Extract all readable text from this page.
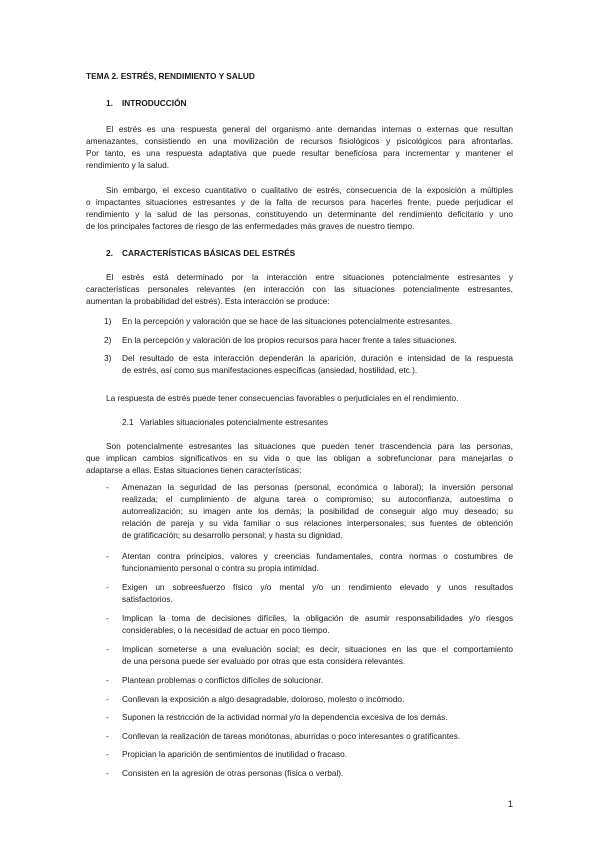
TEMA 2. ESTRÉS, RENDIMIENTO Y SALUD

1. INTRODUCCIÓN

El estrés es una respuesta general del organismo ante demandas internas o externas que resultan

amenazantes, consistiendo en una movilización de recursos fisiológicos y psicológicos para afrontarlas.

Por tanto, es una respuesta adaptativa que puede resultar beneficiosa para incrementar y mantener el

rendimiento y la salud.

Sin embargo, el exceso cuantitativo o cualitativo de estrés, consecuencia de la exposición a múltiples

o impactantes situaciones estresantes y de la falta de recursos para hacerles frente, puede perjudicar el

rendimiento y la salud de las personas, constituyendo un determinante del rendimiento deficitario y uno

de los principales factores de riesgo de las enfermedades más graves de nuestro tiempo.

2. CARACTERÍSTICAS BÁSICAS DEL ESTRÉS

El estrés está determinado por la interacción entre situaciones potencialmente estresantes y

características personales relevantes (en interacción con las situaciones potencialmente estresantes,

aumentan la probabilidad del estrés). Esta interacción se produce:

1) En la percepción y valoración que se hace de las situaciones potencialmente estresantes.

2) En la percepción y valoración de los propios recursos para hacer frente a tales situaciones.

3) Del resultado de esta interacción dependerán la aparición, duración e intensidad de la respuesta

de estrés, así como sus manifestaciones específicas (ansiedad, hostilidad, etc.).

La respuesta de estrés puede tener consecuencias favorables o perjudiciales en el rendimiento.

2.1 Variables situacionales potencialmente estresantes

Son potencialmente estresantes las situaciones que pueden tener trascendencia para las personas,

que implican cambios significativos en su vida o que las obligan a sobrefuncionar para manejarlas o

adaptarse a ellas. Estas situaciones tienen características:

- Amenazan la seguridad de las personas (personal, económica o laboral); la inversión personal

realizada; el cumplimiento de alguna tarea o compromiso; su autoconfianza, autoestima o

autorrealización; su imagen ante los demás; la posibilidad de conseguir algo muy deseado; su

relación de pareja y su vida familiar o sus relaciones interpersonales; sus fuentes de obtención

de gratificación; su desarrollo personal; y hasta su dignidad.

- Atentan contra principios, valores y creencias fundamentales, contra normas o costumbres de

funcionamiento personal o contra su propia intimidad.

- Exigen un sobreesfuerzo físico y/o mental y/o un rendimiento elevado y unos resultados

satisfactorios.

- Implican la toma de decisiones difíciles, la obligación de asumir responsabilidades y/o riesgos

considerables, o la necesidad de actuar en poco tiempo.

- Implican someterse a una evaluación social; es decir, situaciones en las que el comportamiento

de una persona puede ser evaluado por otras que esta considera relevantes.

- Plantean problemas o conflictos difíciles de solucionar.

- Conllevan la exposición a algo desagradable, doloroso, molesto o incómodo.

- Suponen la restricción de la actividad normal y/o la dependencia excesiva de los demás.

- Conllevan la realización de tareas monótonas, aburridas o poco interesantes o gratificantes.

- Propician la aparición de sentimientos de inutilidad o fracaso.

- Consisten en la agresión de otras personas (física o verbal).

1
